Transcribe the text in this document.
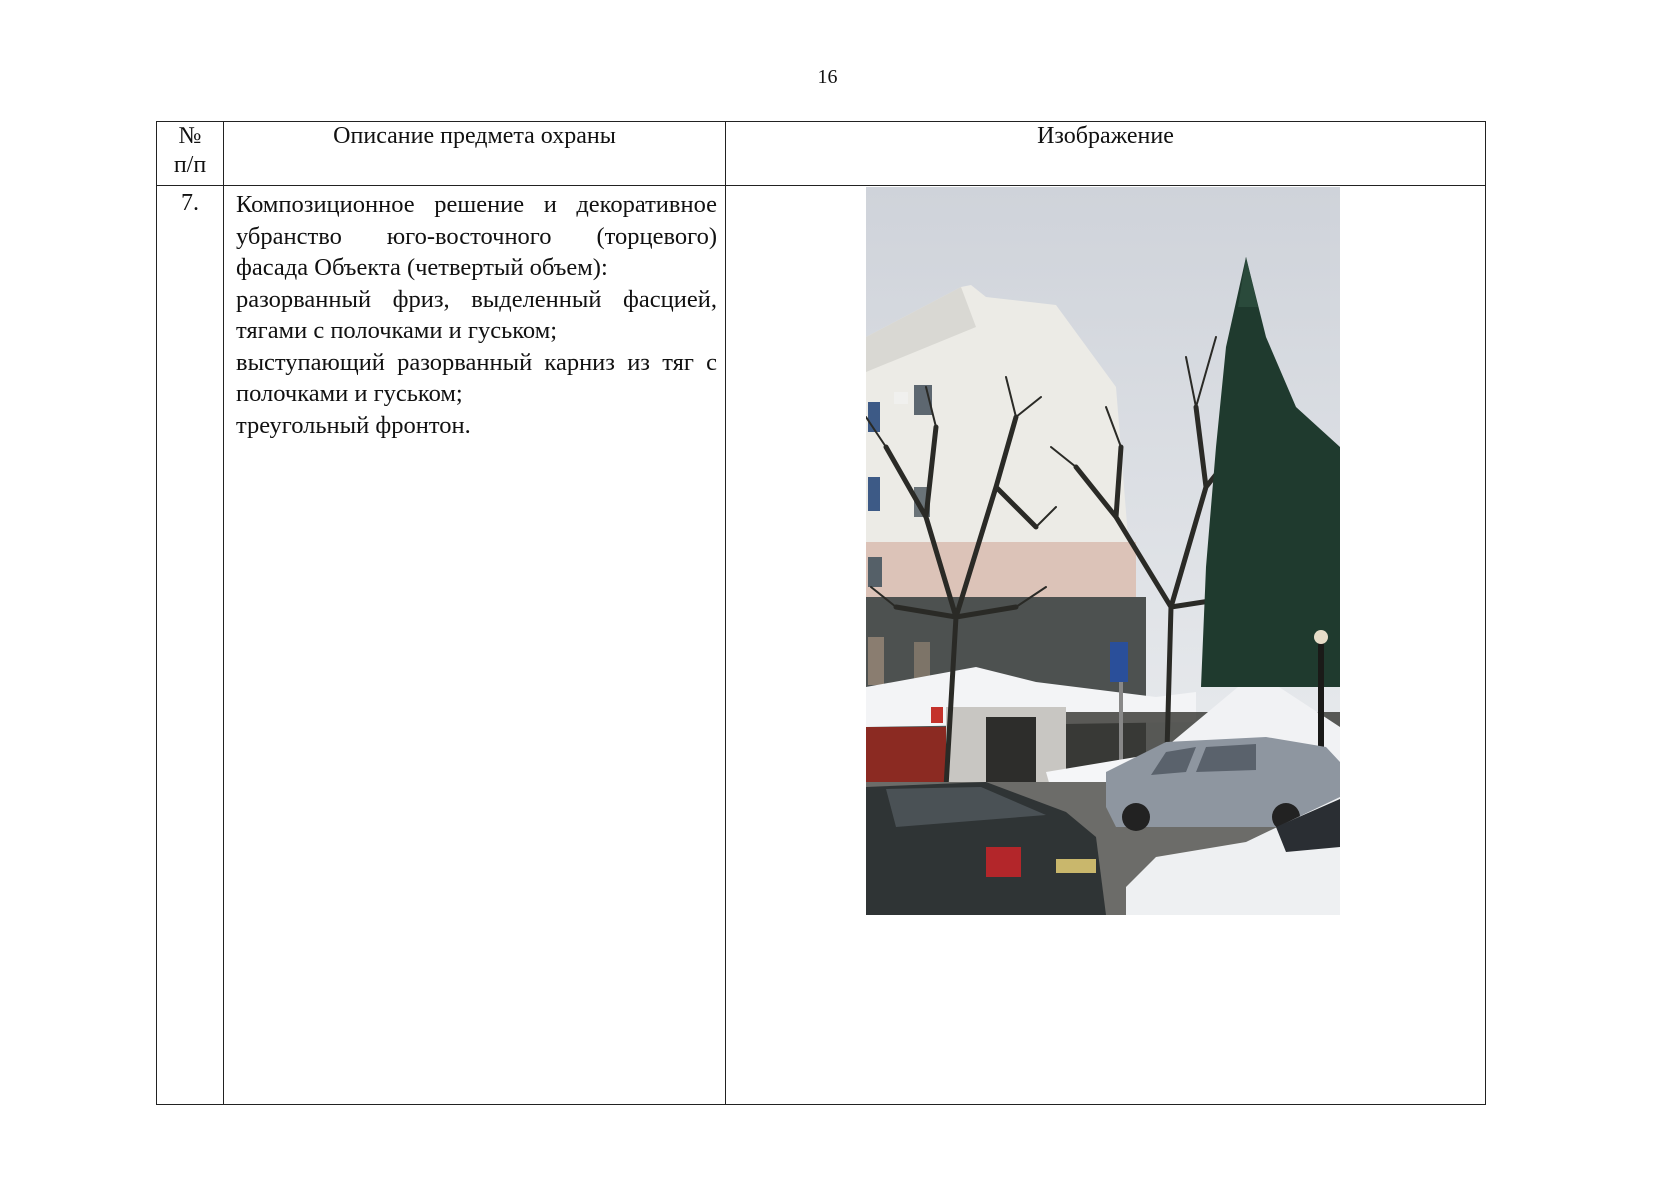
16
№
п/п	Описание предмета охраны	Изображение
7.	Композиционное решение и декоративное убранство юго-восточного (торцевого) фасада Объекта (четвертый объем):

разорванный фриз, выделенный фасцией, тягами с полочками и гуськом;

выступающий разорванный карниз из тяг с полочками и гуськом;

треугольный фронтон.
